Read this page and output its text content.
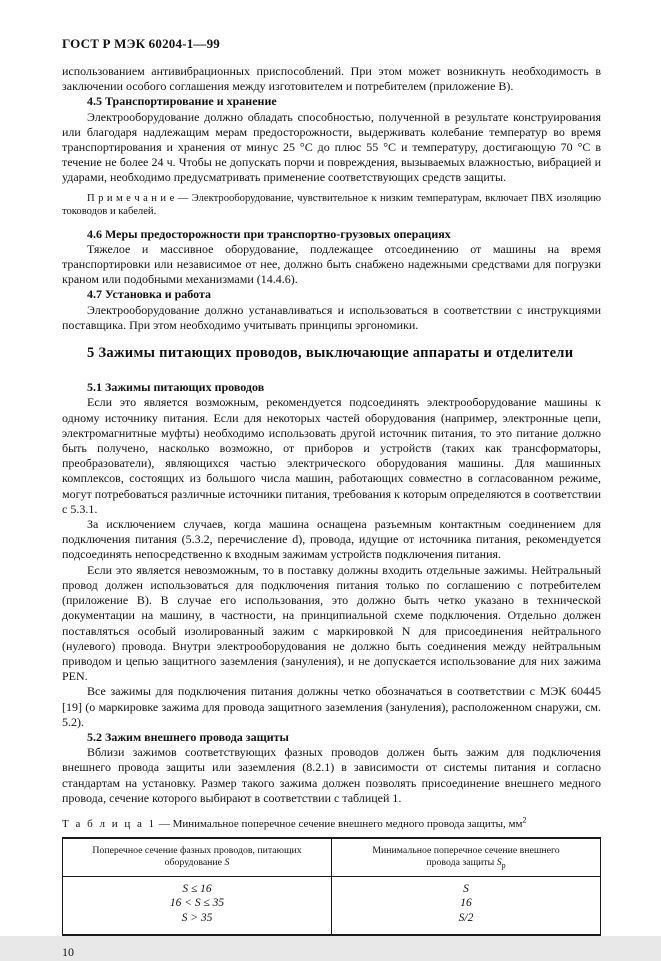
ГОСТ Р МЭК 60204-1—99

использованием антивибрационных приспособлений. При этом может возникнуть необходимость в заключении особого соглашения между изготовителем и потребителем (приложение В).

4.5 Транспортирование и хранение

Электрооборудование должно обладать способностью, полученной в результате конструирования или благодаря надлежащим мерам предосторожности, выдерживать колебание температур во время транспортирования и хранения от минус 25 °С до плюс 55 °С и температуру, достигающую 70 °С в течение не более 24 ч. Чтобы не допускать порчи и повреждения, вызываемых влажностью, вибрацией и ударами, необходимо предусматривать применение соответствующих средств защиты.

П р и м е ч а н и е — Электрооборудование, чувствительное к низким температурам, включает ПВХ изоляцию тоководов и кабелей.

4.6 Меры предосторожности при транспортно-грузовых операциях

Тяжелое и массивное оборудование, подлежащее отсоединению от машины на время транспортировки или независимое от нее, должно быть снабжено надежными средствами для погрузки краном или подобными механизмами (14.4.6).

4.7 Установка и работа

Электрооборудование должно устанавливаться и использоваться в соответствии с инструкциями поставщика. При этом необходимо учитывать принципы эргономики.

5 Зажимы питающих проводов, выключающие аппараты и отделители

5.1 Зажимы питающих проводов

Если это является возможным, рекомендуется подсоединять электрооборудование машины к одному источнику питания. Если для некоторых частей оборудования (например, электронные цепи, электромагнитные муфты) необходимо использовать другой источник питания, то это питание должно быть получено, насколько возможно, от приборов и устройств (таких как трансформаторы, преобразователи), являющихся частью электрического оборудования машины. Для машинных комплексов, состоящих из большого числа машин, работающих совместно в согласованном режиме, могут потребоваться различные источники питания, требования к которым определяются в соответствии с 5.3.1.

За исключением случаев, когда машина оснащена разъемным контактным соединением для подключения питания (5.3.2, перечисление d), провода, идущие от источника питания, рекомендуется подсоединять непосредственно к входным зажимам устройств подключения питания.

Если это является невозможным, то в поставку должны входить отдельные зажимы. Нейтральный провод должен использоваться для подключения питания только по соглашению с потребителем (приложение В). В случае его использования, это должно быть четко указано в технической документации на машину, в частности, на принципиальной схеме подключения. Отдельно должен поставляться особый изолированный зажим с маркировкой N для присоединения нейтрального (нулевого) провода. Внутри электрооборудования не должно быть соединения между нейтральным приводом и цепью защитного заземления (зануления), и не допускается использование для них зажима PEN.

Все зажимы для подключения питания должны четко обозначаться в соответствии с МЭК 60445 [19] (о маркировке зажима для провода защитного заземления (зануления), расположенном снаружи, см. 5.2).

5.2 Зажим внешнего провода защиты

Вблизи зажимов соответствующих фазных проводов должен быть зажим для подключения внешнего провода защиты или заземления (8.2.1) в зависимости от системы питания и согласно стандартам на установку. Размер такого зажима должен позволять присоединение внешнего медного провода, сечение которого выбирают в соответствии с таблицей 1.

Т а б л и ц а 1 — Минимальное поперечное сечение внешнего медного провода защиты, $мм^2$

Поперечное сечение фазных проводов, питающих оборудование S	Минимальное поперечное сечение внешнего провода защиты $S_p$
S ≤ 16	S
16 < S ≤ 35	16
S > 35	S/2

10
